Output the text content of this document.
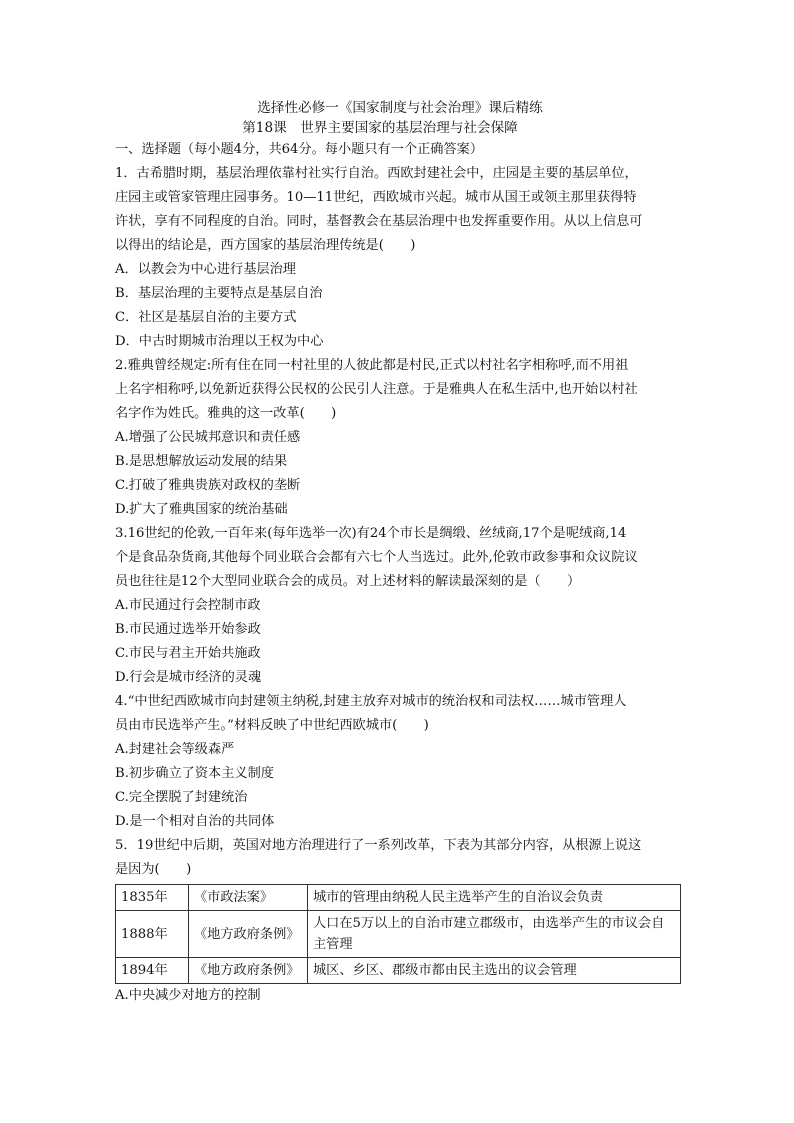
选择性必修一《国家制度与社会治理》课后精练
第18课　世界主要国家的基层治理与社会保障
一、选择题（每小题4分，共64分。每小题只有一个正确答案）
1．古希腊时期，基层治理依靠村社实行自治。西欧封建社会中，庄园是主要的基层单位，
庄园主或管家管理庄园事务。10—11世纪，西欧城市兴起。城市从国王或领主那里获得特
许状，享有不同程度的自治。同时，基督教会在基层治理中也发挥重要作用。从以上信息可
以得出的结论是，西方国家的基层治理传统是(　　)
A．以教会为中心进行基层治理
B．基层治理的主要特点是基层自治
C．社区是基层自治的主要方式
D．中古时期城市治理以王权为中心
2.雅典曾经规定:所有住在同一村社里的人彼此都是村民,正式以村社名字相称呼,而不用祖
上名字相称呼,以免新近获得公民权的公民引人注意。于是雅典人在私生活中,也开始以村社
名字作为姓氏。雅典的这一改革(　　)
A.增强了公民城邦意识和责任感
B.是思想解放运动发展的结果
C.打破了雅典贵族对政权的垄断
D.扩大了雅典国家的统治基础
3.16世纪的伦敦,一百年来(每年选举一次)有24个市长是绸缎、丝绒商,17个是呢绒商,14
个是食品杂货商,其他每个同业联合会都有六七个人当选过。此外,伦敦市政参事和众议院议
员也往往是12个大型同业联合会的成员。对上述材料的解读最深刻的是（　　）
A.市民通过行会控制市政
B.市民通过选举开始参政
C.市民与君主开始共施政
D.行会是城市经济的灵魂
4.“中世纪西欧城市向封建领主纳税,封建主放弃对城市的统治权和司法权……城市管理人
员由市民选举产生。”材料反映了中世纪西欧城市(　　)
A.封建社会等级森严
B.初步确立了资本主义制度
C.完全摆脱了封建统治
D.是一个相对自治的共同体
5．19世纪中后期，英国对地方治理进行了一系列改革，下表为其部分内容，从根源上说这
是因为(　　)
1835年	《市政法案》	城市的管理由纳税人民主选举产生的自治议会负责
1888年	《地方政府条例》	人口在5万以上的自治市建立郡级市，由选举产生的市议会自主管理
1894年	《地方政府条例》	城区、乡区、郡级市都由民主选出的议会管理
A.中央减少对地方的控制
